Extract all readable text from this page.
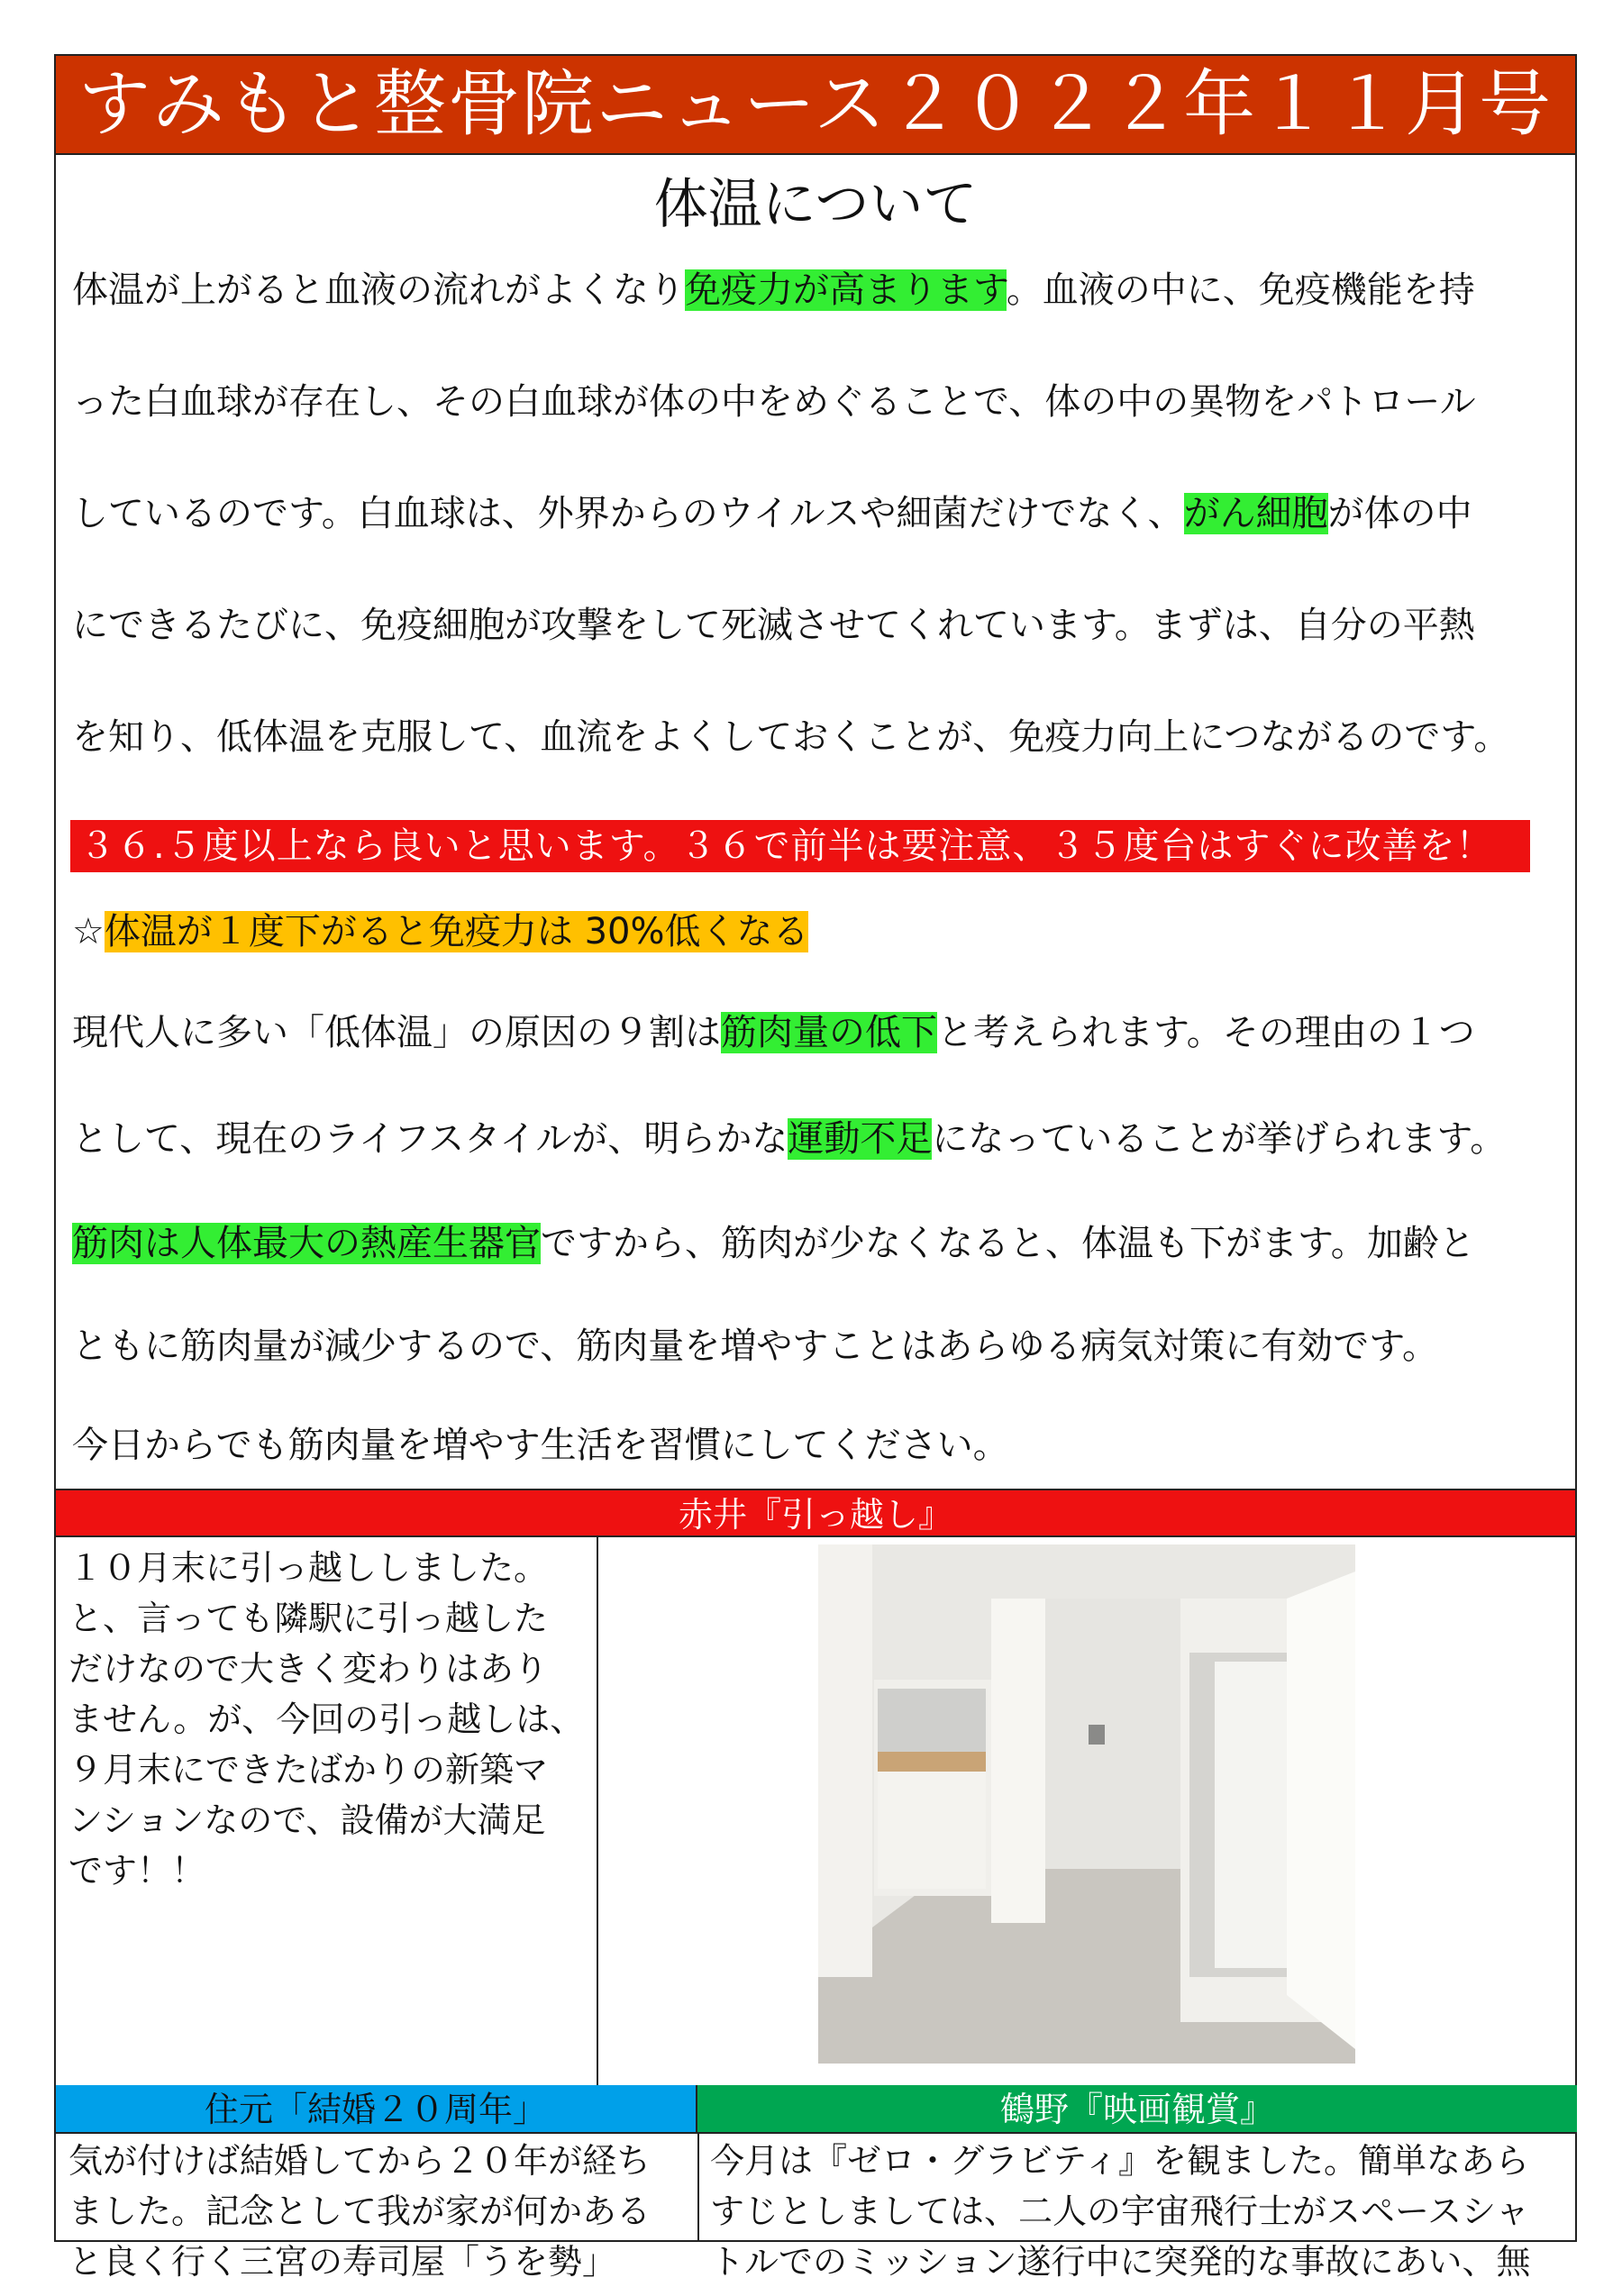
すみもと整骨院ニュース２０２２年１１月号
体温について
体温が上がると血液の流れがよくなり免疫力が高まります。血液の中に、免疫機能を持
った白血球が存在し、その白血球が体の中をめぐることで、体の中の異物をパトロール
しているのです。白血球は、外界からのウイルスや細菌だけでなく、がん細胞が体の中
にできるたびに、免疫細胞が攻撃をして死滅させてくれています。まずは、自分の平熱
を知り、低体温を克服して、血流をよくしておくことが、免疫力向上につながるのです。
３６.５度以上なら良いと思います。３６で前半は要注意、３５度台はすぐに改善を！
☆体温が１度下がると免疫力は 30%低くなる
現代人に多い「低体温」の原因の９割は筋肉量の低下と考えられます。その理由の１つ
として、現在のライフスタイルが、明らかな運動不足になっていることが挙げられます。
筋肉は人体最大の熱産生器官ですから、筋肉が少なくなると、体温も下がます。加齢と
ともに筋肉量が減少するので、筋肉量を増やすことはあらゆる病気対策に有効です。
今日からでも筋肉量を増やす生活を習慣にしてください。
赤井『引っ越し』
１０月末に引っ越ししました。
と、言っても隣駅に引っ越した
だけなので大きく変わりはあり
ません。が、今回の引っ越しは、
９月末にできたばかりの新築マ
ンションなので、設備が大満足
です！！
住元「結婚２０周年」	鶴野『映画観賞』
気が付けば結婚してから２０年が経ち
ました。記念として我が家が何かある
と良く行く三宮の寿司屋「うを勢」
今月は『ゼロ・グラビティ』を観ました。簡単なあら
すじとしましては、二人の宇宙飛行士がスペースシャ
トルでのミッション遂行中に突発的な事故にあい、無
